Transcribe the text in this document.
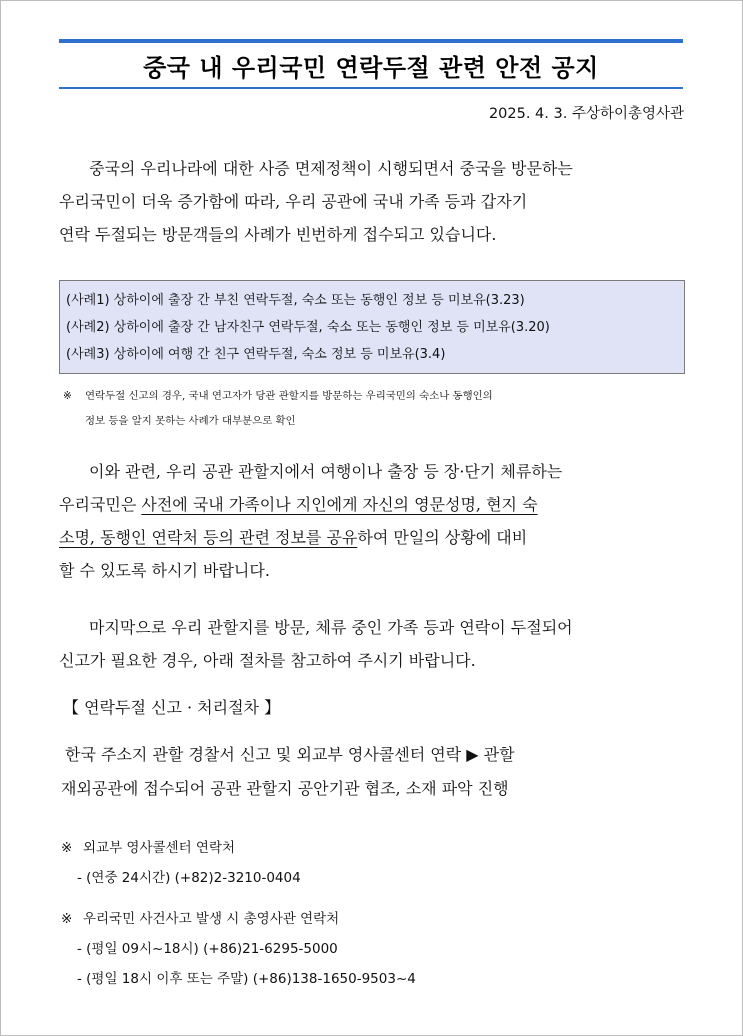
중국 내 우리국민 연락두절 관련 안전 공지
2025. 4. 3. 주상하이총영사관
중국의 우리나라에 대한 사증 면제정책이 시행되면서 중국을 방문하는
우리국민이 더욱 증가함에 따라, 우리 공관에 국내 가족 등과 갑자기
연락 두절되는 방문객들의 사례가 빈번하게 접수되고 있습니다.
(사례1) 상하이에 출장 간 부친 연락두절, 숙소 또는 동행인 정보 등 미보유(3.23)
(사례2) 상하이에 출장 간 남자친구 연락두절, 숙소 또는 동행인 정보 등 미보유(3.20)
(사례3) 상하이에 여행 간 친구 연락두절, 숙소 정보 등 미보유(3.4)
※ 연락두절 신고의 경우, 국내 연고자가 당관 관할지를 방문하는 우리국민의 숙소나 동행인의
정보 등을 알지 못하는 사례가 대부분으로 확인
이와 관련, 우리 공관 관할지에서 여행이나 출장 등 장·단기 체류하는
우리국민은 사전에 국내 가족이나 지인에게 자신의 영문성명, 현지 숙
소명, 동행인 연락처 등의 관련 정보를 공유하여 만일의 상황에 대비
할 수 있도록 하시기 바랍니다.
마지막으로 우리 관할지를 방문, 체류 중인 가족 등과 연락이 두절되어
신고가 필요한 경우, 아래 절차를 참고하여 주시기 바랍니다.
【 연락두절 신고 · 처리절차 】
한국 주소지 관할 경찰서 신고 및 외교부 영사콜센터 연락 ▶ 관할
재외공관에 접수되어 공관 관할지 공안기관 협조, 소재 파악 진행
※ 외교부 영사콜센터 연락처
- (연중 24시간) (+82)2-3210-0404
※ 우리국민 사건사고 발생 시 총영사관 연락처
- (평일 09시~18시) (+86)21-6295-5000
- (평일 18시 이후 또는 주말) (+86)138-1650-9503~4
